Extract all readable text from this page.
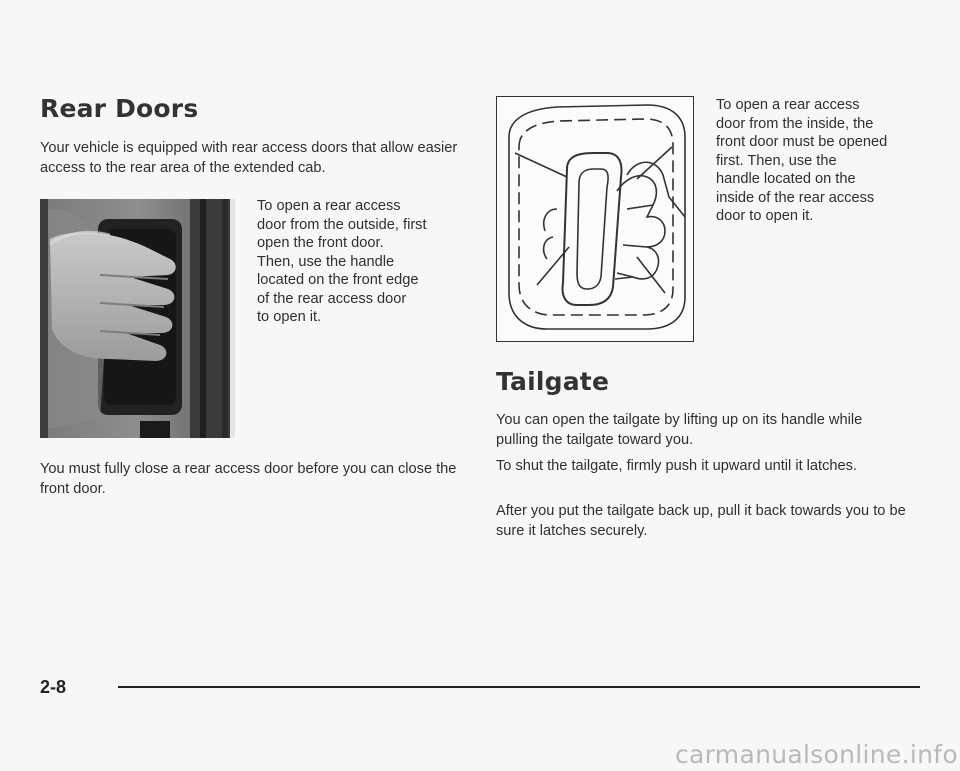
Rear Doors

Your vehicle is equipped with rear access doors that allow easier access to the rear area of the extended cab.

To open a rear access
door from the outside, first
open the front door.
Then, use the handle
located on the front edge
of the rear access door
to open it.

You must fully close a rear access door before you can close the front door.

To open a rear access
door from the inside, the
front door must be opened
first. Then, use the
handle located on the
inside of the rear access
door to open it.
Tailgate

You can open the tailgate by lifting up on its handle while pulling the tailgate toward you.

To shut the tailgate, firmly push it upward until it latches.

After you put the tailgate back up, pull it back towards you to be sure it latches securely.

2-8
carmanualsonline.info
